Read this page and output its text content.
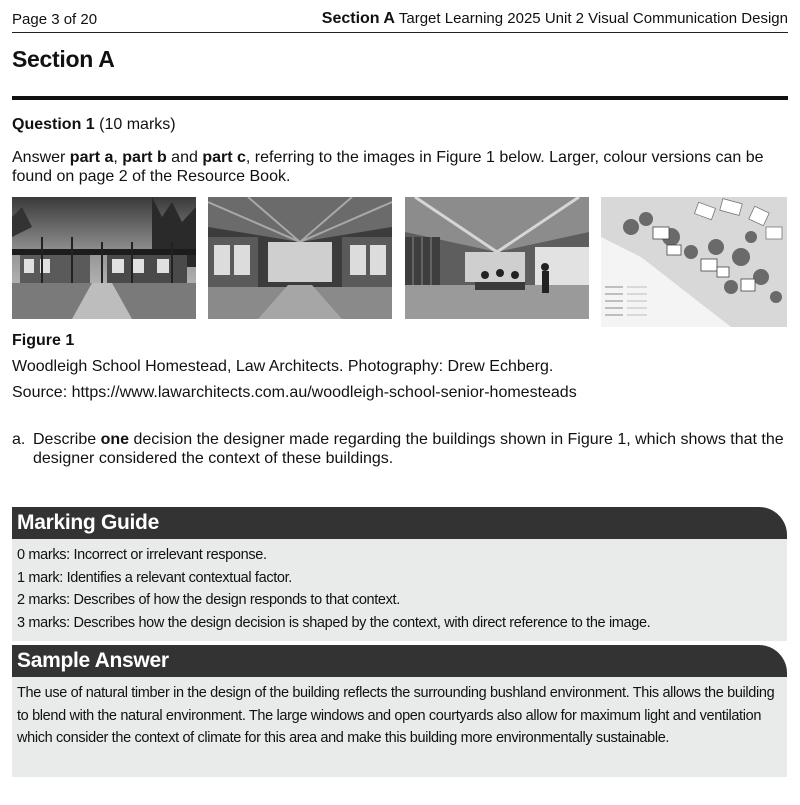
Page 3 of 20	Section A Target Learning 2025 Unit 2 Visual Communication Design
Section A
Question 1 (10 marks)
Answer part a, part b and part c, referring to the images in Figure 1 below. Larger, colour versions can be found on page 2 of the Resource Book.
Figure 1
Woodleigh School Homestead, Law Architects. Photography: Drew Echberg.
Source: https://www.lawarchitects.com.au/woodleigh-school-senior-homesteads
a. Describe one decision the designer made regarding the buildings shown in Figure 1, which shows that the designer considered the context of these buildings.
Marking Guide
0 marks: Incorrect or irrelevant response.
1 mark: Identifies a relevant contextual factor.
2 marks: Describes of how the design responds to that context.
3 marks: Describes how the design decision is shaped by the context, with direct reference to the image.
Sample Answer
The use of natural timber in the design of the building reflects the surrounding bushland environment. This allows the building to blend with the natural environment. The large windows and open courtyards also allow for maximum light and ventilation which consider the context of climate for this area and make this building more environmentally sustainable.
